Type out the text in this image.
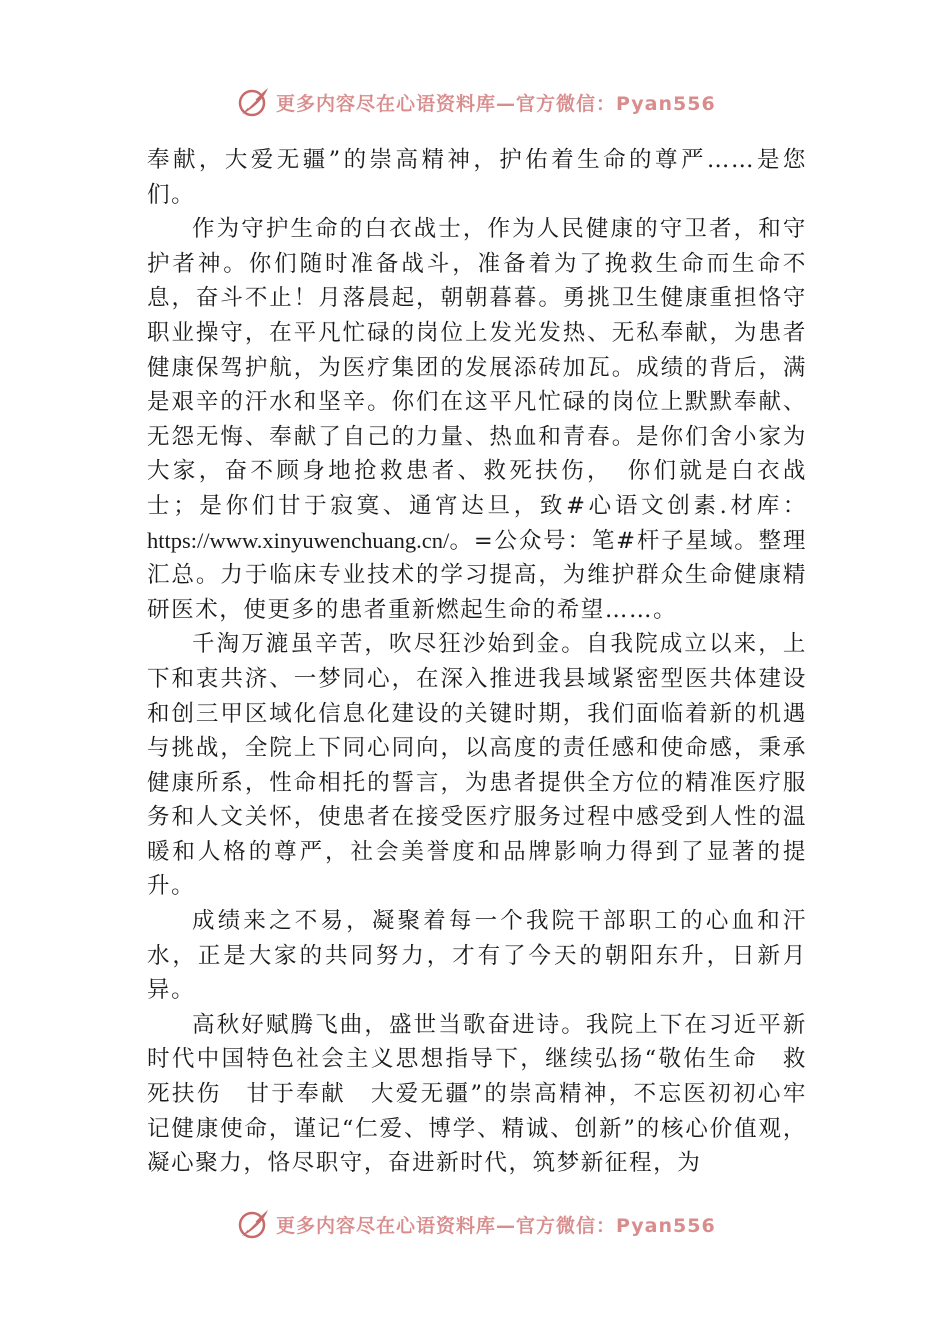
更多内容尽在心语资料库—官方微信：Pyan556

奉献，大爱无疆”的崇高精神，护佑着生命的尊严……是您们。

作为守护生命的白衣战士，作为人民健康的守卫者，和守护者神。你们随时准备战斗，准备着为了挽救生命而生命不息，奋斗不止！月落晨起，朝朝暮暮。勇挑卫生健康重担恪守职业操守，在平凡忙碌的岗位上发光发热、无私奉献，为患者健康保驾护航，为医疗集团的发展添砖加瓦。成绩的背后，满是艰辛的汗水和坚辛。你们在这平凡忙碌的岗位上默默奉献、无怨无悔、奉献了自己的力量、热血和青春。是你们舍小家为大家，奋不顾身地抢救患者、救死扶伤，　你们就是白衣战士；是你们甘于寂寞、通宵达旦，致#心语文创素.材库：https://www.xinyuwenchuang.cn/。=公众号：笔#杆子星域。整理汇总。力于临床专业技术的学习提高，为维护群众生命健康精研医术，使更多的患者重新燃起生命的希望……。

千淘万漉虽辛苦，吹尽狂沙始到金。自我院成立以来，上下和衷共济、一梦同心，在深入推进我县域紧密型医共体建设和创三甲区域化信息化建设的关键时期，我们面临着新的机遇与挑战，全院上下同心同向，以高度的责任感和使命感，秉承健康所系，性命相托的誓言，为患者提供全方位的精准医疗服务和人文关怀，使患者在接受医疗服务过程中感受到人性的温暖和人格的尊严，社会美誉度和品牌影响力得到了显著的提升。

成绩来之不易，凝聚着每一个我院干部职工的心血和汗水，正是大家的共同努力，才有了今天的朝阳东升，日新月异。

高秋好赋腾飞曲，盛世当歌奋进诗。我院上下在习近平新时代中国特色社会主义思想指导下，继续弘扬“敬佑生命　救死扶伤　甘于奉献　大爱无疆”的崇高精神，不忘医初初心牢记健康使命，谨记“仁爱、博学、精诚、创新”的核心价值观，凝心聚力，恪尽职守，奋进新时代，筑梦新征程，为

更多内容尽在心语资料库—官方微信：Pyan556
